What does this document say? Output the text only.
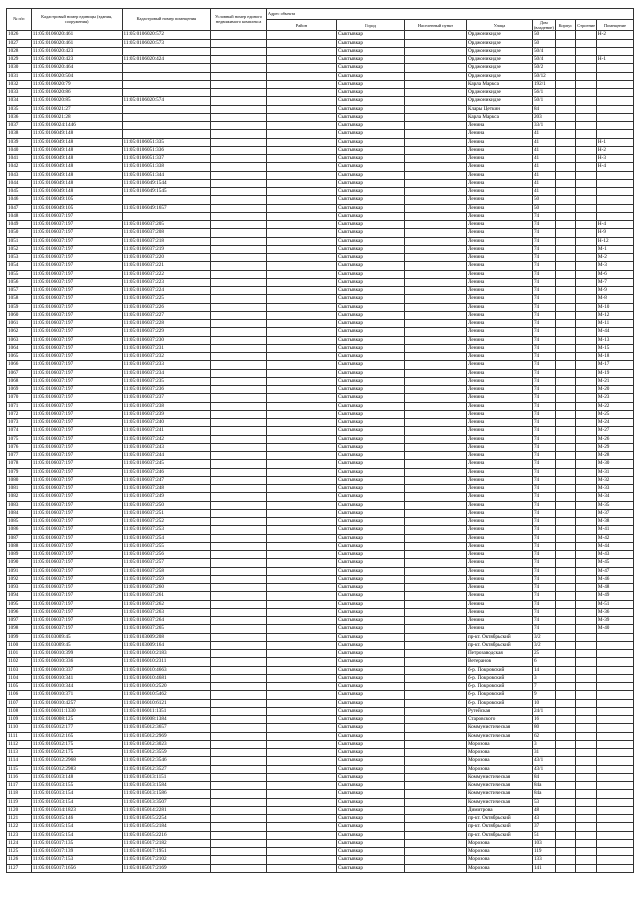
№ п/п	Кадастровый номер единицы (здания, сооружения)	Кадастровый номер помещения	Условный номер единого недвижимого комплекса	Адрес объекта							
				Район	Город	Населенный пункт	Улица	Дом (владение)	Корпус	Строение	Помещение
1026	11:05:0106020:461	11:05:0106020:572			Сыктывкар		Орджоникидзе	50			Н-2
1027	11:05:0106020:461	11:05:0106020:573			Сыктывкар		Орджоникидзе	50			
1028	11:05:0106020:423				Сыктывкар		Орджоникидзе	50/4			
1029	11:05:0106020:423	11:05:0106020:424			Сыктывкар		Орджоникидзе	50/4			Н-1
1030	11:05:0106020:464				Сыктывкар		Орджоникидзе	50/2			
1031	11:05:0106020:504				Сыктывкар		Орджоникидзе	50/12			
1032	11:05:0106020:79				Сыктывкар		Карла Маркса	192/1			
1033	11:05:0106020:86				Сыктывкар		Орджоникидзе	56/1			
1034	11:05:0106020:85	11:05:0106020:574			Сыктывкар		Орджоникидзе	50/1			
1035	11:05:0106021:27				Сыктывкар		Клары Цеткин	84			
1036	11:05:0106021:28				Сыктывкар		Карла Маркса	203			
1037	11:05:0106024:1446				Сыктывкар		Ленина	33/1			
1038	11:05:0106049:148				Сыктывкар		Ленина	41			
1039	11:05:0106049:148	11:05:0106051:335			Сыктывкар		Ленина	41			Н-1
1040	11:05:0106049:148	11:05:0106051:336			Сыктывкар		Ленина	41			Н-2
1041	11:05:0106049:148	11:05:0106051:337			Сыктывкар		Ленина	41			Н-3
1042	11:05:0106049:148	11:05:0106051:338			Сыктывкар		Ленина	41			Н-4
1043	11:05:0106049:148	11:05:0106051:344			Сыктывкар		Ленина	41			
1044	11:05:0106049:148	11:05:0106049:1544			Сыктывкар		Ленина	41			
1045	11:05:0106049:148	11:05:0106049:1545			Сыктывкар		Ленина	41			
1046	11:05:0106049:105				Сыктывкар		Ленина	50			
1047	11:05:0106049:105	11:05:0106049:1657			Сыктывкар		Ленина	50			
1048	11:05:0106037:197				Сыктывкар		Ленина	74			
1049	11:05:0106037:197	11:05:0106037:205			Сыктывкар		Ленина	74			Н-4
1050	11:05:0106037:197	11:05:0106037:208			Сыктывкар		Ленина	74			Н-9
1051	11:05:0106037:197	11:05:0106037:218			Сыктывкар		Ленина	74			Н-12
1052	11:05:0106037:197	11:05:0106037:219			Сыктывкар		Ленина	74			М-1
1053	11:05:0106037:197	11:05:0106037:220			Сыктывкар		Ленина	74			М-2
1054	11:05:0106037:197	11:05:0106037:221			Сыктывкар		Ленина	74			М-3
1055	11:05:0106037:197	11:05:0106037:222			Сыктывкар		Ленина	74			М-6
1056	11:05:0106037:197	11:05:0106037:223			Сыктывкар		Ленина	74			М-7
1057	11:05:0106037:197	11:05:0106037:224			Сыктывкар		Ленина	74			М-9
1058	11:05:0106037:197	11:05:0106037:225			Сыктывкар		Ленина	74			М-8
1059	11:05:0106037:197	11:05:0106037:226			Сыктывкар		Ленина	74			М-10
1060	11:05:0106037:197	11:05:0106037:227			Сыктывкар		Ленина	74			М-12
1061	11:05:0106037:197	11:05:0106037:228			Сыктывкар		Ленина	74			М-11
1062	11:05:0106037:197	11:05:0106037:229			Сыктывкар		Ленина	74			М-44
1063	11:05:0106037:197	11:05:0106037:230			Сыктывкар		Ленина	74			М-13
1064	11:05:0106037:197	11:05:0106037:231			Сыктывкар		Ленина	74			М-15
1065	11:05:0106037:197	11:05:0106037:232			Сыктывкар		Ленина	74			М-18
1066	11:05:0106037:197	11:05:0106037:233			Сыктывкар		Ленина	74			М-17
1067	11:05:0106037:197	11:05:0106037:234			Сыктывкар		Ленина	74			М-19
1068	11:05:0106037:197	11:05:0106037:235			Сыктывкар		Ленина	74			М-21
1069	11:05:0106037:197	11:05:0106037:236			Сыктывкар		Ленина	74			М-20
1070	11:05:0106037:197	11:05:0106037:237			Сыктывкар		Ленина	74			М-23
1071	11:05:0106037:197	11:05:0106037:238			Сыктывкар		Ленина	74			М-22
1072	11:05:0106037:197	11:05:0106037:239			Сыктывкар		Ленина	74			М-25
1073	11:05:0106037:197	11:05:0106037:240			Сыктывкар		Ленина	74			М-24
1074	11:05:0106037:197	11:05:0106037:241			Сыктывкар		Ленина	74			М-27
1075	11:05:0106037:197	11:05:0106037:242			Сыктывкар		Ленина	74			М-26
1076	11:05:0106037:197	11:05:0106037:243			Сыктывкар		Ленина	74			М-29
1077	11:05:0106037:197	11:05:0106037:244			Сыктывкар		Ленина	74			М-28
1078	11:05:0106037:197	11:05:0106037:245			Сыктывкар		Ленина	74			М-30
1079	11:05:0106037:197	11:05:0106037:246			Сыктывкар		Ленина	74			М-31
1080	11:05:0106037:197	11:05:0106037:247			Сыктывкар		Ленина	74			М-32
1081	11:05:0106037:197	11:05:0106037:248			Сыктывкар		Ленина	74			М-33
1082	11:05:0106037:197	11:05:0106037:249			Сыктывкар		Ленина	74			М-34
1083	11:05:0106037:197	11:05:0106037:250			Сыктывкар		Ленина	74			М-35
1084	11:05:0106037:197	11:05:0106037:251			Сыктывкар		Ленина	74			М-37
1085	11:05:0106037:197	11:05:0106037:252			Сыктывкар		Ленина	74			М-38
1086	11:05:0106037:197	11:05:0106037:253			Сыктывкар		Ленина	74			М-41
1087	11:05:0106037:197	11:05:0106037:254			Сыктывкар		Ленина	74			М-42
1088	11:05:0106037:197	11:05:0106037:255			Сыктывкар		Ленина	74			М-44
1089	11:05:0106037:197	11:05:0106037:256			Сыктывкар		Ленина	74			М-43
1090	11:05:0106037:197	11:05:0106037:257			Сыктывкар		Ленина	74			М-45
1091	11:05:0106037:197	11:05:0106037:258			Сыктывкар		Ленина	74			М-47
1092	11:05:0106037:197	11:05:0106037:259			Сыктывкар		Ленина	74			М-46
1093	11:05:0106037:197	11:05:0106037:260			Сыктывкар		Ленина	74			М-48
1094	11:05:0106037:197	11:05:0106037:261			Сыктывкар		Ленина	74			М-49
1095	11:05:0106037:197	11:05:0106037:262			Сыктывкар		Ленина	74			М-51
1096	11:05:0106037:197	11:05:0106037:263			Сыктывкар		Ленина	74			М-36
1097	11:05:0106037:197	11:05:0106037:264			Сыктывкар		Ленина	74			М-39
1098	11:05:0106037:197	11:05:0106037:265			Сыктывкар		Ленина	74			М-40
1099	11:05:0103009:45	11:05:0103009:208			Сыктывкар		пр-кт. Октябрьский	3/2			
1100	11:05:0103009:45	11:05:0103009:164			Сыктывкар		пр-кт. Октябрьский	3/2			
1101	11:05:0106010:399	11:05:0106010:2183			Сыктывкар		Петрозаводская	25			
1102	11:05:0106010:336	11:05:0106010:2311			Сыктывкар		Ветеранов	6			
1103	11:05:0106010:337	11:05:0106010:4663			Сыктывкар		б-р. Покровский	14			
1104	11:05:0106010:341	11:05:0106010:4681			Сыктывкар		б-р. Покровский	3			
1105	11:05:0106010:344	11:05:0106010:2520			Сыктывкар		б-р. Покровский	7			
1106	11:05:0106010:371	11:05:0106010:5462			Сыктывкар		б-р. Покровский	9			
1107	11:05:0106010:4257	11:05:0106010:6121			Сыктывкар		б-р. Покровский	10			
1108	11:05:0106011:1330	11:05:0106011:1351			Сыктывкар		Рутейская	24/1			
1109	11:05:0106008:125	11:05:0106008:1384			Сыктывкар		Старовского	16			
1110	11:05:0105012:177	11:05:0105012:3657			Сыктывкар		Коммунистическая	80			
1111	11:05:0105012:165	11:05:0105012:2969			Сыктывкар		Коммунистическая	62			
1112	11:05:0105012:175	11:05:0105012:3023			Сыктывкар		Морозова	3			
1113	11:05:0105012:175	11:05:0105012:3559			Сыктывкар		Морозова	31			
1114	11:05:0105012:2968	11:05:0105012:3546			Сыктывкар		Морозова	43/1			
1115	11:05:0105012:2983	11:05:0105012:3527			Сыктывкар		Морозова	43/1			
1116	11:05:0105013:148	11:05:0105013:1151			Сыктывкар		Коммунистическая	84			
1117	11:05:0105013:155	11:05:0105013:1584			Сыктывкар		Коммунистическая	84а			
1118	11:05:0105013:154	11:05:0105013:1586			Сыктывкар		Коммунистическая	84а			
1119	11:05:0105013:154	11:05:0105013:3507			Сыктывкар		Коммунистическая	53			
1120	11:05:0105014:1823	11:05:0105014:2281			Сыктывкар		Димитрова	48			
1121	11:05:0105015:146	11:05:0105015:2254			Сыктывкар		пр-кт. Октябрьский	43			
1122	11:05:0105015:154	11:05:0105015:2184			Сыктывкар		пр-кт. Октябрьский	37			
1123	11:05:0105015:154	11:05:0105015:2216			Сыктывкар		пр-кт. Октябрьский	51			
1124	11:05:0105017:135	11:05:0105017:2182			Сыктывкар		Морозова	103			
1125	11:05:0105017:139	11:05:0105017:1951			Сыктывкар		Морозова	119			
1126	11:05:0105017:153	11:05:0105017:2102			Сыктывкар		Морозова	133			
1127	11:05:0105017:1656	11:05:0105017:2169			Сыктывкар		Морозова	141			
